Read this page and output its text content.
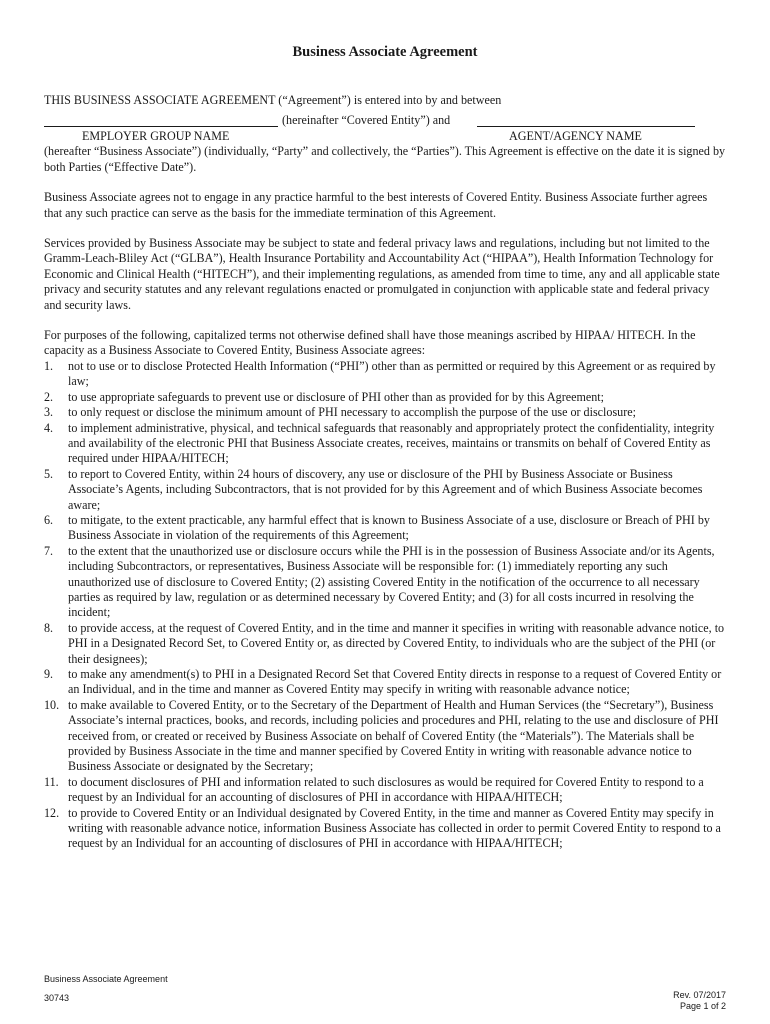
Business Associate Agreement

THIS BUSINESS ASSOCIATE AGREEMENT (“Agreement”) is entered into by and between

(hereinafter “Covered Entity”) and
EMPLOYER GROUP NAME	AGENT/AGENCY NAME

(hereafter “Business Associate”) (individually, “Party” and collectively, the “Parties”). This Agreement is effective on the date it is signed by both Parties (“Effective Date”).

Business Associate agrees not to engage in any practice harmful to the best interests of Covered Entity. Business Associate further agrees that any such practice can serve as the basis for the immediate termination of this Agreement.

Services provided by Business Associate may be subject to state and federal privacy laws and regulations, including but not limited to the Gramm-Leach-Bliley Act (“GLBA”), Health Insurance Portability and Accountability Act (“HIPAA”), Health Information Technology for Economic and Clinical Health (“HITECH”), and their implementing regulations, as amended from time to time, any and all applicable state privacy and security statutes and any relevant regulations enacted or promulgated in conjunction with applicable state and federal privacy and security laws.

For purposes of the following, capitalized terms not otherwise defined shall have those meanings ascribed by HIPAA/ HITECH. In the capacity as a Business Associate to Covered Entity, Business Associate agrees:

1. not to use or to disclose Protected Health Information (“PHI”) other than as permitted or required by this Agreement or as required by law;
2. to use appropriate safeguards to prevent use or disclosure of PHI other than as provided for by this Agreement;
3. to only request or disclose the minimum amount of PHI necessary to accomplish the purpose of the use or disclosure;
4. to implement administrative, physical, and technical safeguards that reasonably and appropriately protect the confidentiality, integrity and availability of the electronic PHI that Business Associate creates, receives, maintains or transmits on behalf of Covered Entity as required under HIPAA/HITECH;
5. to report to Covered Entity, within 24 hours of discovery, any use or disclosure of the PHI by Business Associate or Business Associate’s Agents, including Subcontractors, that is not provided for by this Agreement and of which Business Associate becomes aware;
6. to mitigate, to the extent practicable, any harmful effect that is known to Business Associate of a use, disclosure or Breach of PHI by Business Associate in violation of the requirements of this Agreement;
7. to the extent that the unauthorized use or disclosure occurs while the PHI is in the possession of Business Associate and/or its Agents, including Subcontractors, or representatives, Business Associate will be responsible for: (1) immediately reporting any such unauthorized use of disclosure to Covered Entity; (2) assisting Covered Entity in the notification of the occurrence to all necessary parties as required by law, regulation or as determined necessary by Covered Entity; and (3) for all costs incurred in resolving the incident;
8. to provide access, at the request of Covered Entity, and in the time and manner it specifies in writing with reasonable advance notice, to PHI in a Designated Record Set, to Covered Entity or, as directed by Covered Entity, to individuals who are the subject of the PHI (or their designees);
9. to make any amendment(s) to PHI in a Designated Record Set that Covered Entity directs in response to a request of Covered Entity or an Individual, and in the time and manner as Covered Entity may specify in writing with reasonable advance notice;
10. to make available to Covered Entity, or to the Secretary of the Department of Health and Human Services (the “Secretary”), Business Associate’s internal practices, books, and records, including policies and procedures and PHI, relating to the use and disclosure of PHI received from, or created or received by Business Associate on behalf of Covered Entity (the “Materials”). The Materials shall be provided by Business Associate in the time and manner specified by Covered Entity in writing with reasonable advance notice to Business Associate or designated by the Secretary;
11. to document disclosures of PHI and information related to such disclosures as would be required for Covered Entity to respond to a request by an Individual for an accounting of disclosures of PHI in accordance with HIPAA/HITECH;
12. to provide to Covered Entity or an Individual designated by Covered Entity, in the time and manner as Covered Entity may specify in writing with reasonable advance notice, information Business Associate has collected in order to permit Covered Entity to respond to a request by an Individual for an accounting of disclosures of PHI in accordance with HIPAA/HITECH;
Business Associate Agreement
30743	Rev. 07/2017
Page 1 of 2
